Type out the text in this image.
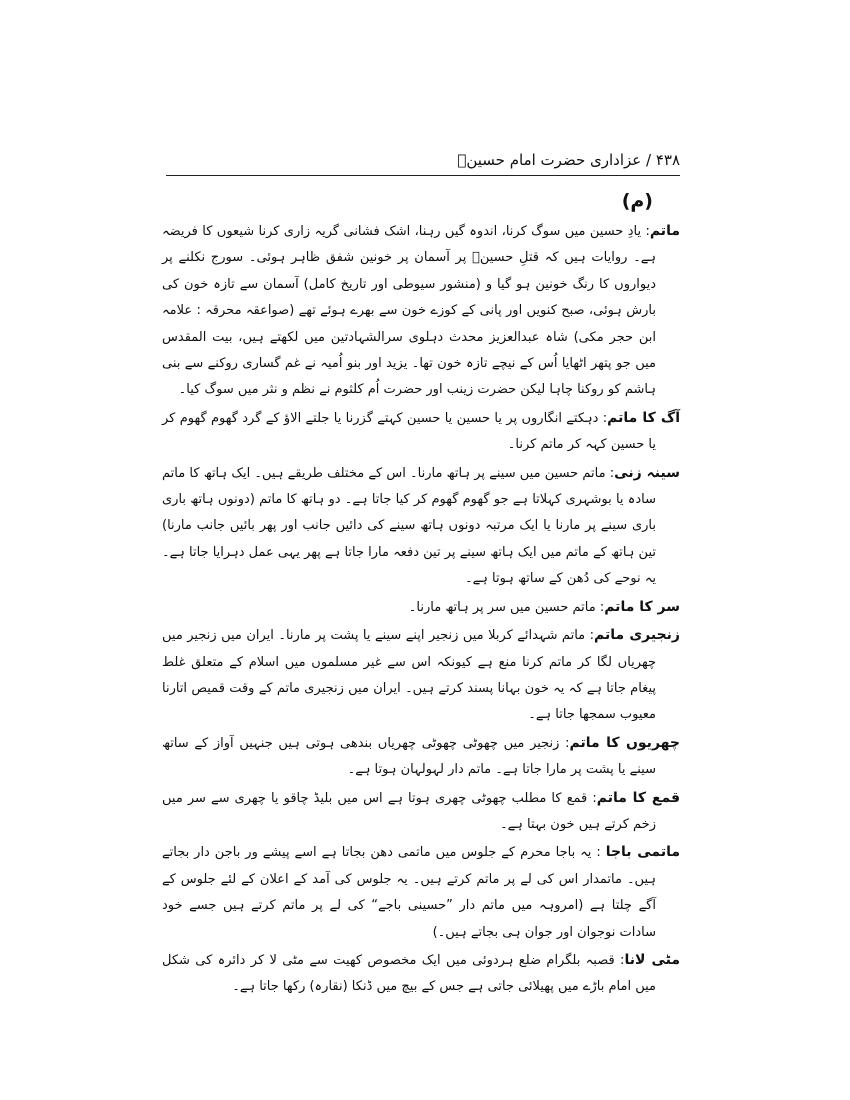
۴۳۸ / عزاداری حضرت امام حسینؑ
(م)

ماتم: یادِ حسین میں سوگ کرنا، اندوہ گیں رہنا، اشک فشانی گریہ زاری کرنا شیعوں کا فریضہ ہے۔ روایات ہیں کہ قتلِ حسینؑ پر آسمان پر خونین شفق ظاہر ہوئی۔ سورج نکلنے پر دیواروں کا رنگ خونین ہو گیا و (منشور سیوطی اور تاریخ کامل) آسمان سے تازہ خون کی بارش ہوئی، صبح کنویں اور پانی کے کوزے خون سے بھرے ہوئے تھے (صواعقہ محرقہ : علامہ ابن حجر مکی) شاہ عبدالعزیز محدث دہلوی سرالشہادتین میں لکھتے ہیں، بیت المقدس میں جو پتھر اٹھایا اُس کے نیچے تازہ خون تھا۔ یزید اور بنو اُمیہ نے غم گساری روکنے سے بنی ہاشم کو روکنا چاہا لیکن حضرت زینب اور حضرت اُم کلثوم نے نظم و نثر میں سوگ کیا۔

آگ کا ماتم: دہکتے انگاروں پر یا حسین یا حسین کہتے گزرنا یا جلتے الاؤ کے گرد گھوم گھوم کر یا حسین کہہ کر ماتم کرنا۔

سینہ زنی: ماتم حسین میں سینے پر ہاتھ مارنا۔ اس کے مختلف طریقے ہیں۔ ایک ہاتھ کا ماتم سادہ یا بوشہری کہلاتا ہے جو گھوم گھوم کر کیا جاتا ہے۔ دو ہاتھ کا ماتم (دونوں ہاتھ باری باری سینے پر مارنا یا ایک مرتبہ دونوں ہاتھ سینے کی دائیں جانب اور پھر بائیں جانب مارنا) تین ہاتھ کے ماتم میں ایک ہاتھ سینے پر تین دفعہ مارا جاتا ہے پھر یہی عمل دہرایا جاتا ہے۔ یہ نوحے کی دُھن کے ساتھ ہوتا ہے۔

سر کا ماتم: ماتم حسین میں سر پر ہاتھ مارنا۔

زنجیری ماتم: ماتم شہدائے کربلا میں زنجیر اپنے سینے یا پشت پر مارنا۔ ایران میں زنجیر میں چھریاں لگا کر ماتم کرنا منع ہے کیونکہ اس سے غیر مسلموں میں اسلام کے متعلق غلط پیغام جاتا ہے کہ یہ خون بہانا پسند کرتے ہیں۔ ایران میں زنجیری ماتم کے وقت قمیص اتارنا معیوب سمجھا جاتا ہے۔

چھریوں کا ماتم: زنجیر میں چھوٹی چھوٹی چھریاں بندھی ہوتی ہیں جنہیں آواز کے ساتھ سینے یا پشت پر مارا جاتا ہے۔ ماتم دار لہولہان ہوتا ہے۔

قمع کا ماتم: قمع کا مطلب چھوٹی چھری ہوتا ہے اس میں بلیڈ چاقو یا چھری سے سر میں زخم کرتے ہیں خون بہتا ہے۔

ماتمی باجا : یہ باجا محرم کے جلوس میں ماتمی دھن بجاتا ہے اسے پیشے ور باجن دار بجاتے ہیں۔ ماتمدار اس کی لے پر ماتم کرتے ہیں۔ یہ جلوس کی آمد کے اعلان کے لئے جلوس کے آگے چلتا ہے (امروہہ میں ماتم دار ”حسینی باجے“ کی لے پر ماتم کرتے ہیں جسے خود سادات نوجوان اور جوان ہی بجاتے ہیں۔)

مٹی لانا: قصبہ بلگرام ضلع ہردوئی میں ایک مخصوص کھیت سے مٹی لا کر دائرہ کی شکل میں امام باڑے میں پھیلائی جاتی ہے جس کے بیچ میں ڈنکا (نقارہ) رکھا جاتا ہے۔
